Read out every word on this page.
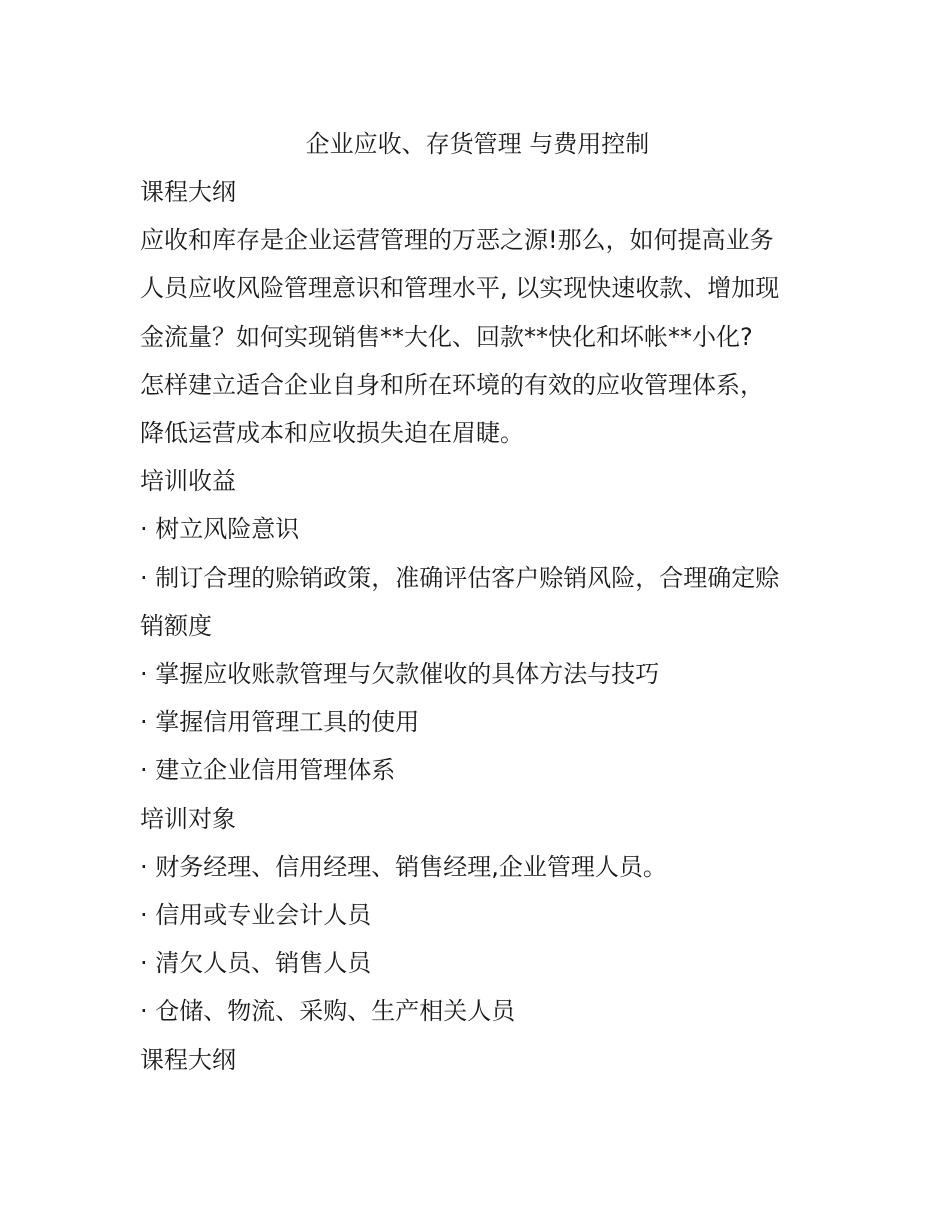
企业应收、存货管理 与费用控制

课程大纲

应收和库存是企业运营管理的万恶之源!那么，如何提高业务

人员应收风险管理意识和管理水平, 以实现快速收款、增加现

金流量？如何实现销售**大化、回款**快化和坏帐**小化?

怎样建立适合企业自身和所在环境的有效的应收管理体系，

降低运营成本和应收损失迫在眉睫。

培训收益

· 树立风险意识

· 制订合理的赊销政策，准确评估客户赊销风险，合理确定赊

销额度

· 掌握应收账款管理与欠款催收的具体方法与技巧

· 掌握信用管理工具的使用

· 建立企业信用管理体系

培训对象

· 财务经理、信用经理、销售经理,企业管理人员。

· 信用或专业会计人员

· 清欠人员、销售人员

· 仓储、物流、采购、生产相关人员

课程大纲
